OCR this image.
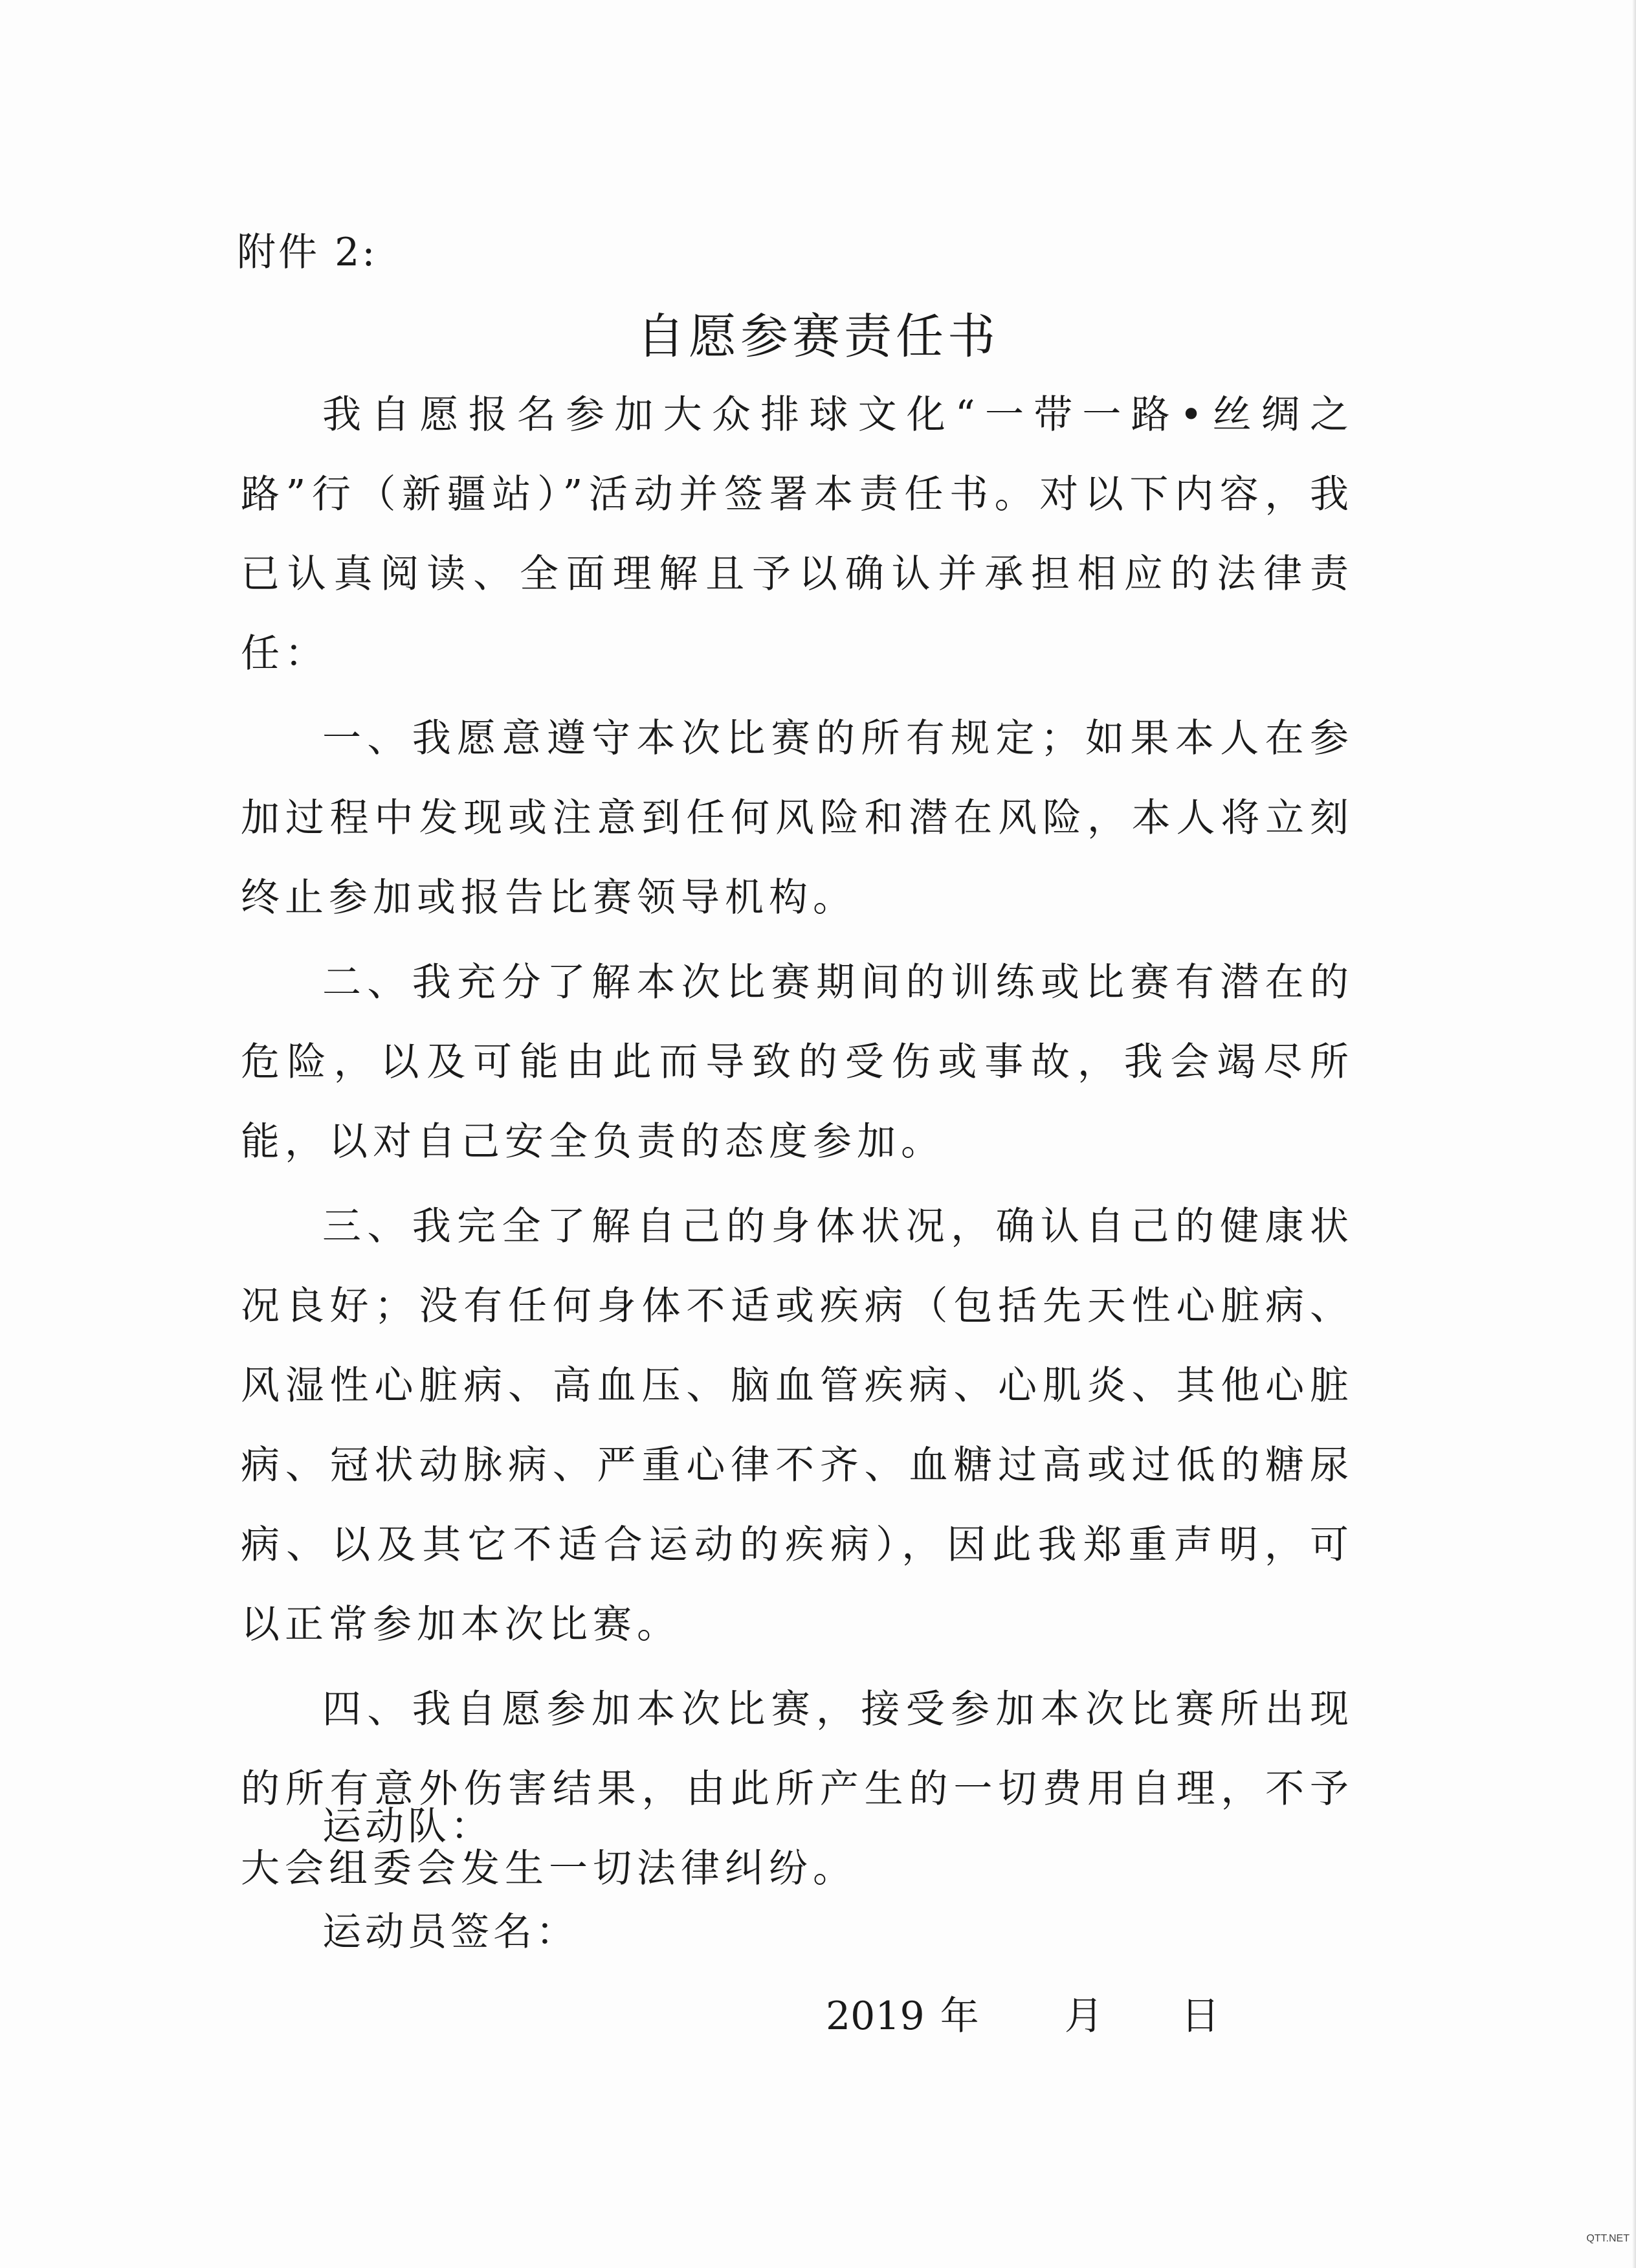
附件 2:
自愿参赛责任书

我自愿报名参加大众排球文化“一带一路•丝绸之路”行（新疆站）”活动并签署本责任书。对以下内容，我已认真阅读、全面理解且予以确认并承担相应的法律责任：

一、我愿意遵守本次比赛的所有规定；如果本人在参加过程中发现或注意到任何风险和潜在风险，本人将立刻终止参加或报告比赛领导机构。

二、我充分了解本次比赛期间的训练或比赛有潜在的危险，以及可能由此而导致的受伤或事故，我会竭尽所能，以对自己安全负责的态度参加。

三、我完全了解自己的身体状况，确认自己的健康状况良好；没有任何身体不适或疾病（包括先天性心脏病、风湿性心脏病、高血压、脑血管疾病、心肌炎、其他心脏病、冠状动脉病、严重心律不齐、血糖过高或过低的糖尿病、以及其它不适合运动的疾病），因此我郑重声明，可以正常参加本次比赛。

四、我自愿参加本次比赛，接受参加本次比赛所出现的所有意外伤害结果，由此所产生的一切费用自理，不予大会组委会发生一切法律纠纷。

运动队：
运动员签名：
2019 年 月 日
QTT.NET
